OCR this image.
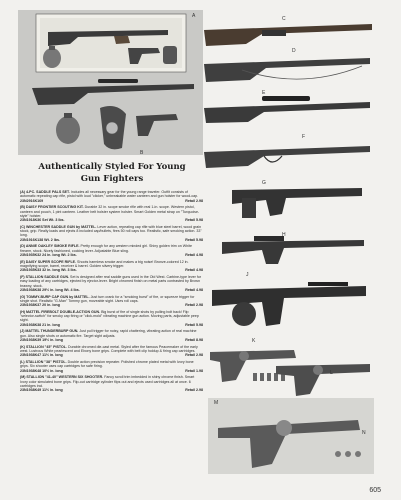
A
B
Authentically Styled For Young
Gun Fighters
(A) 4-PC. SADDLE PALS SET. Includes all necessary gear for the young range traveler. Outfit consists of automatic repeating cap rifle, pistol with loud "clicker," unbreakable water canteen and gun holster for wood-cap.
Retail 2.98
23N2916K169
(B) DAISY FRONTIER SCOUTING KIT. Durable 32 in. scope smoke rifle with real 1-in. scope. Western pistol, canteen and pouch, 1 pint canteen. Leather belt holster system holster. Smart Golden metal strap on "Turquoise-style" holster.
Retail 5.98
23N1918K36 Set Wt. 3 lbs.
(C) WINCHESTER SADDLE GUN by MATTEL. Lever action, repeating cap rifle with blue steel barrel, wood grain stock, grip. Really loads and ejects 8 included cap/bullets, fires 50 roll caps too. Realistic, safe smoking action. 33" long.
Retail 5.98
23N1916K138 Wt. 2 lbs.
(D) ANNIE OAKLEY SMOKE RIFLE. Pretty enough for any western minded girl. Shiny golden trim on White firearm, stock. Nicely fashioned, cocking lever. Adjustable Blue sling.
Retail 4.98
23N1935K32 24 in. long Wt. 2 lbs.
(E) DAISY SUPER SCOPE RIFLE. Shoots harmless smoke and makes a big noise! Bronze-colored 12 in. magnifying scope, barrel, receiver & barrel. Golden silvery trigger.
Retail 4.98
23N1935K33 32 in. long Wt. 3 lbs.
(F) STALLION SADDLE GUN. Set is designed after real saddle guns used in the Old West. Carbine-type lever for easy loading of any cartridges, ejected by ejector-lever. Bright chromed finish on metal parts contrasted by Brown brawny, stock.
Retail 4.98
23N1938K38 29½ in. long Wt. 4 lbs.
(G) TOMMY-BURP CAP GUN by MATTEL. Just turn crank for a "smoking burst" of fire, or squeeze trigger for single shot. Realistic "G-Man" Tommy gun, moveable sight. Uses roll caps.
Retail 2.98
23N1938K37 20 in. long
(H) MATTEL FIREBOLT DOUBLE-ACTION GUN. Big burst of fire of single shots by pulling bolt back! Flip "selector-switch" for smoky cap firing or "click-mold" vibrating machine gun action. Moving parts, adjustable peep sight.
Retail 5.98
23N1938K38 21 in. long
(J) MATTEL THUNDERBURP GUN. Just pull trigger for noisy, rapid chattering, vibrating action of real machine gun. Also single shots or automatic fire. Target sight adjusts.
Retail 8.98
23N1938K39 19½ in. long
(K) STALLION "45" PISTOL. Durable chromed die-cast metal. Styled after the famous Peacemaker of the early west. Lustrous White pearlescent and Ebony bone grips. Complete with belt clip holdup & firing cap cartridges.
Retail 2.98
23N1938K47 11½ in. long
(L) STALLION "38" PISTOL. Double action precision repeater. Polished chrome plated metal with Ivory bone grips. Six shooter uses cap cartridges for safe firing.
Retail 1.98
23N1938K48 10½ in. long
(M) STALLION "41-40" WESTERN SIX SHOOTER. Fancy scroll trim imbedded in shiny chrome finish. Smart Ivory color simulated bone grips. Flip-out cartridge cylinder flips out and ejects used cartridges all at once. 6 cartridges incl.
Retail 2.98
23N1938K49 11½ in. long
C
D
E
F
G
H
J
K
L
M
N
605
